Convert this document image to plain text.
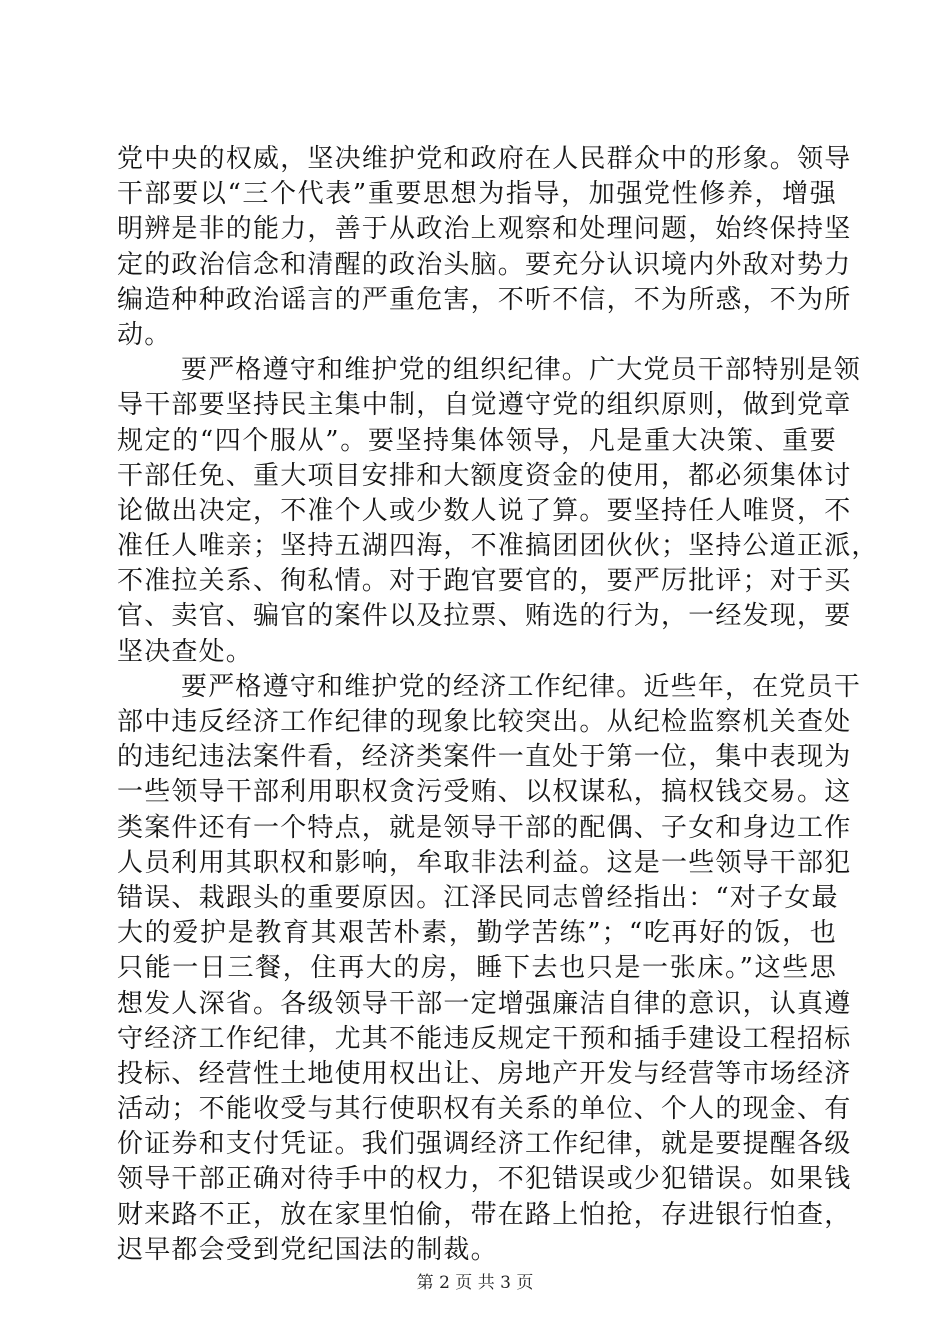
党中央的权威，坚决维护党和政府在人民群众中的形象。领导
干部要以“三个代表”重要思想为指导，加强党性修养，增强
明辨是非的能力，善于从政治上观察和处理问题，始终保持坚
定的政治信念和清醒的政治头脑。要充分认识境内外敌对势力
编造种种政治谣言的严重危害，不听不信，不为所惑，不为所
动。
要严格遵守和维护党的组织纪律。广大党员干部特别是领
导干部要坚持民主集中制，自觉遵守党的组织原则，做到党章
规定的“四个服从”。要坚持集体领导，凡是重大决策、重要
干部任免、重大项目安排和大额度资金的使用，都必须集体讨
论做出决定，不准个人或少数人说了算。要坚持任人唯贤，不
准任人唯亲；坚持五湖四海，不准搞团团伙伙；坚持公道正派，
不准拉关系、徇私情。对于跑官要官的，要严厉批评；对于买
官、卖官、骗官的案件以及拉票、贿选的行为，一经发现，要
坚决查处。
要严格遵守和维护党的经济工作纪律。近些年，在党员干
部中违反经济工作纪律的现象比较突出。从纪检监察机关查处
的违纪违法案件看，经济类案件一直处于第一位，集中表现为
一些领导干部利用职权贪污受贿、以权谋私，搞权钱交易。这
类案件还有一个特点，就是领导干部的配偶、子女和身边工作
人员利用其职权和影响，牟取非法利益。这是一些领导干部犯
错误、栽跟头的重要原因。江泽民同志曾经指出：“对子女最
大的爱护是教育其艰苦朴素，勤学苦练”；“吃再好的饭，也
只能一日三餐，住再大的房，睡下去也只是一张床。”这些思
想发人深省。各级领导干部一定增强廉洁自律的意识，认真遵
守经济工作纪律，尤其不能违反规定干预和插手建设工程招标
投标、经营性土地使用权出让、房地产开发与经营等市场经济
活动；不能收受与其行使职权有关系的单位、个人的现金、有
价证券和支付凭证。我们强调经济工作纪律，就是要提醒各级
领导干部正确对待手中的权力，不犯错误或少犯错误。如果钱
财来路不正，放在家里怕偷，带在路上怕抢，存进银行怕查，
迟早都会受到党纪国法的制裁。
第 2 页 共 3 页
